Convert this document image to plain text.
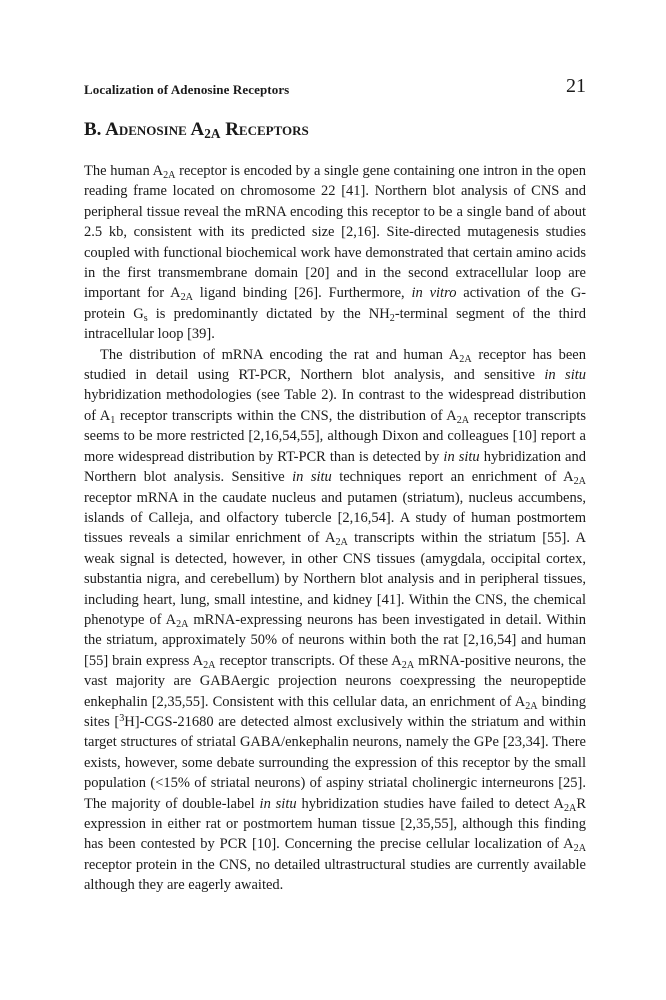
Localization of Adenosine Receptors	21
B. Adenosine $A_{2A}$ Receptors

The human $A_{2A}$ receptor is encoded by a single gene containing one intron in the open reading frame located on chromosome 22 [41]. Northern blot analysis of CNS and peripheral tissue reveal the mRNA encoding this receptor to be a single band of about 2.5 kb, consistent with its predicted size [2,16]. Site-directed mutagenesis studies coupled with functional biochemical work have demonstrated that certain amino acids in the first transmembrane domain [20] and in the second extracellular loop are important for $A_{2A}$ ligand binding [26]. Furthermore, in vitro activation of the G-protein $G_s$ is predominantly dictated by the $NH_2$-terminal segment of the third intracellular loop [39].

The distribution of mRNA encoding the rat and human $A_{2A}$ receptor has been studied in detail using RT-PCR, Northern blot analysis, and sensitive in situ hybridization methodologies (see Table 2). In contrast to the widespread distribution of $A_1$ receptor transcripts within the CNS, the distribution of $A_{2A}$ receptor transcripts seems to be more restricted [2,16,54,55], although Dixon and colleagues [10] report a more widespread distribution by RT-PCR than is detected by in situ hybridization and Northern blot analysis. Sensitive in situ techniques report an enrichment of $A_{2A}$ receptor mRNA in the caudate nucleus and putamen (striatum), nucleus accumbens, islands of Calleja, and olfactory tubercle [2,16,54]. A study of human postmortem tissues reveals a similar enrichment of $A_{2A}$ transcripts within the striatum [55]. A weak signal is detected, however, in other CNS tissues (amygdala, occipital cortex, substantia nigra, and cerebellum) by Northern blot analysis and in peripheral tissues, including heart, lung, small intestine, and kidney [41]. Within the CNS, the chemical phenotype of $A_{2A}$ mRNA-expressing neurons has been investigated in detail. Within the striatum, approximately 50% of neurons within both the rat [2,16,54] and human [55] brain express $A_{2A}$ receptor transcripts. Of these $A_{2A}$ mRNA-positive neurons, the vast majority are GABAergic projection neurons coexpressing the neuropeptide enkephalin [2,35,55]. Consistent with this cellular data, an enrichment of $A_{2A}$ binding sites [$^3$H]-CGS-21680 are detected almost exclusively within the striatum and within target structures of striatal GABA/enkephalin neurons, namely the GPe [23,34]. There exists, however, some debate surrounding the expression of this receptor by the small population (<15% of striatal neurons) of aspiny striatal cholinergic interneurons [25]. The majority of double-label in situ hybridization studies have failed to detect $A_{2A}R$ expression in either rat or postmortem human tissue [2,35,55], although this finding has been contested by PCR [10]. Concerning the precise cellular localization of $A_{2A}$ receptor protein in the CNS, no detailed ultrastructural studies are currently available although they are eagerly awaited.
